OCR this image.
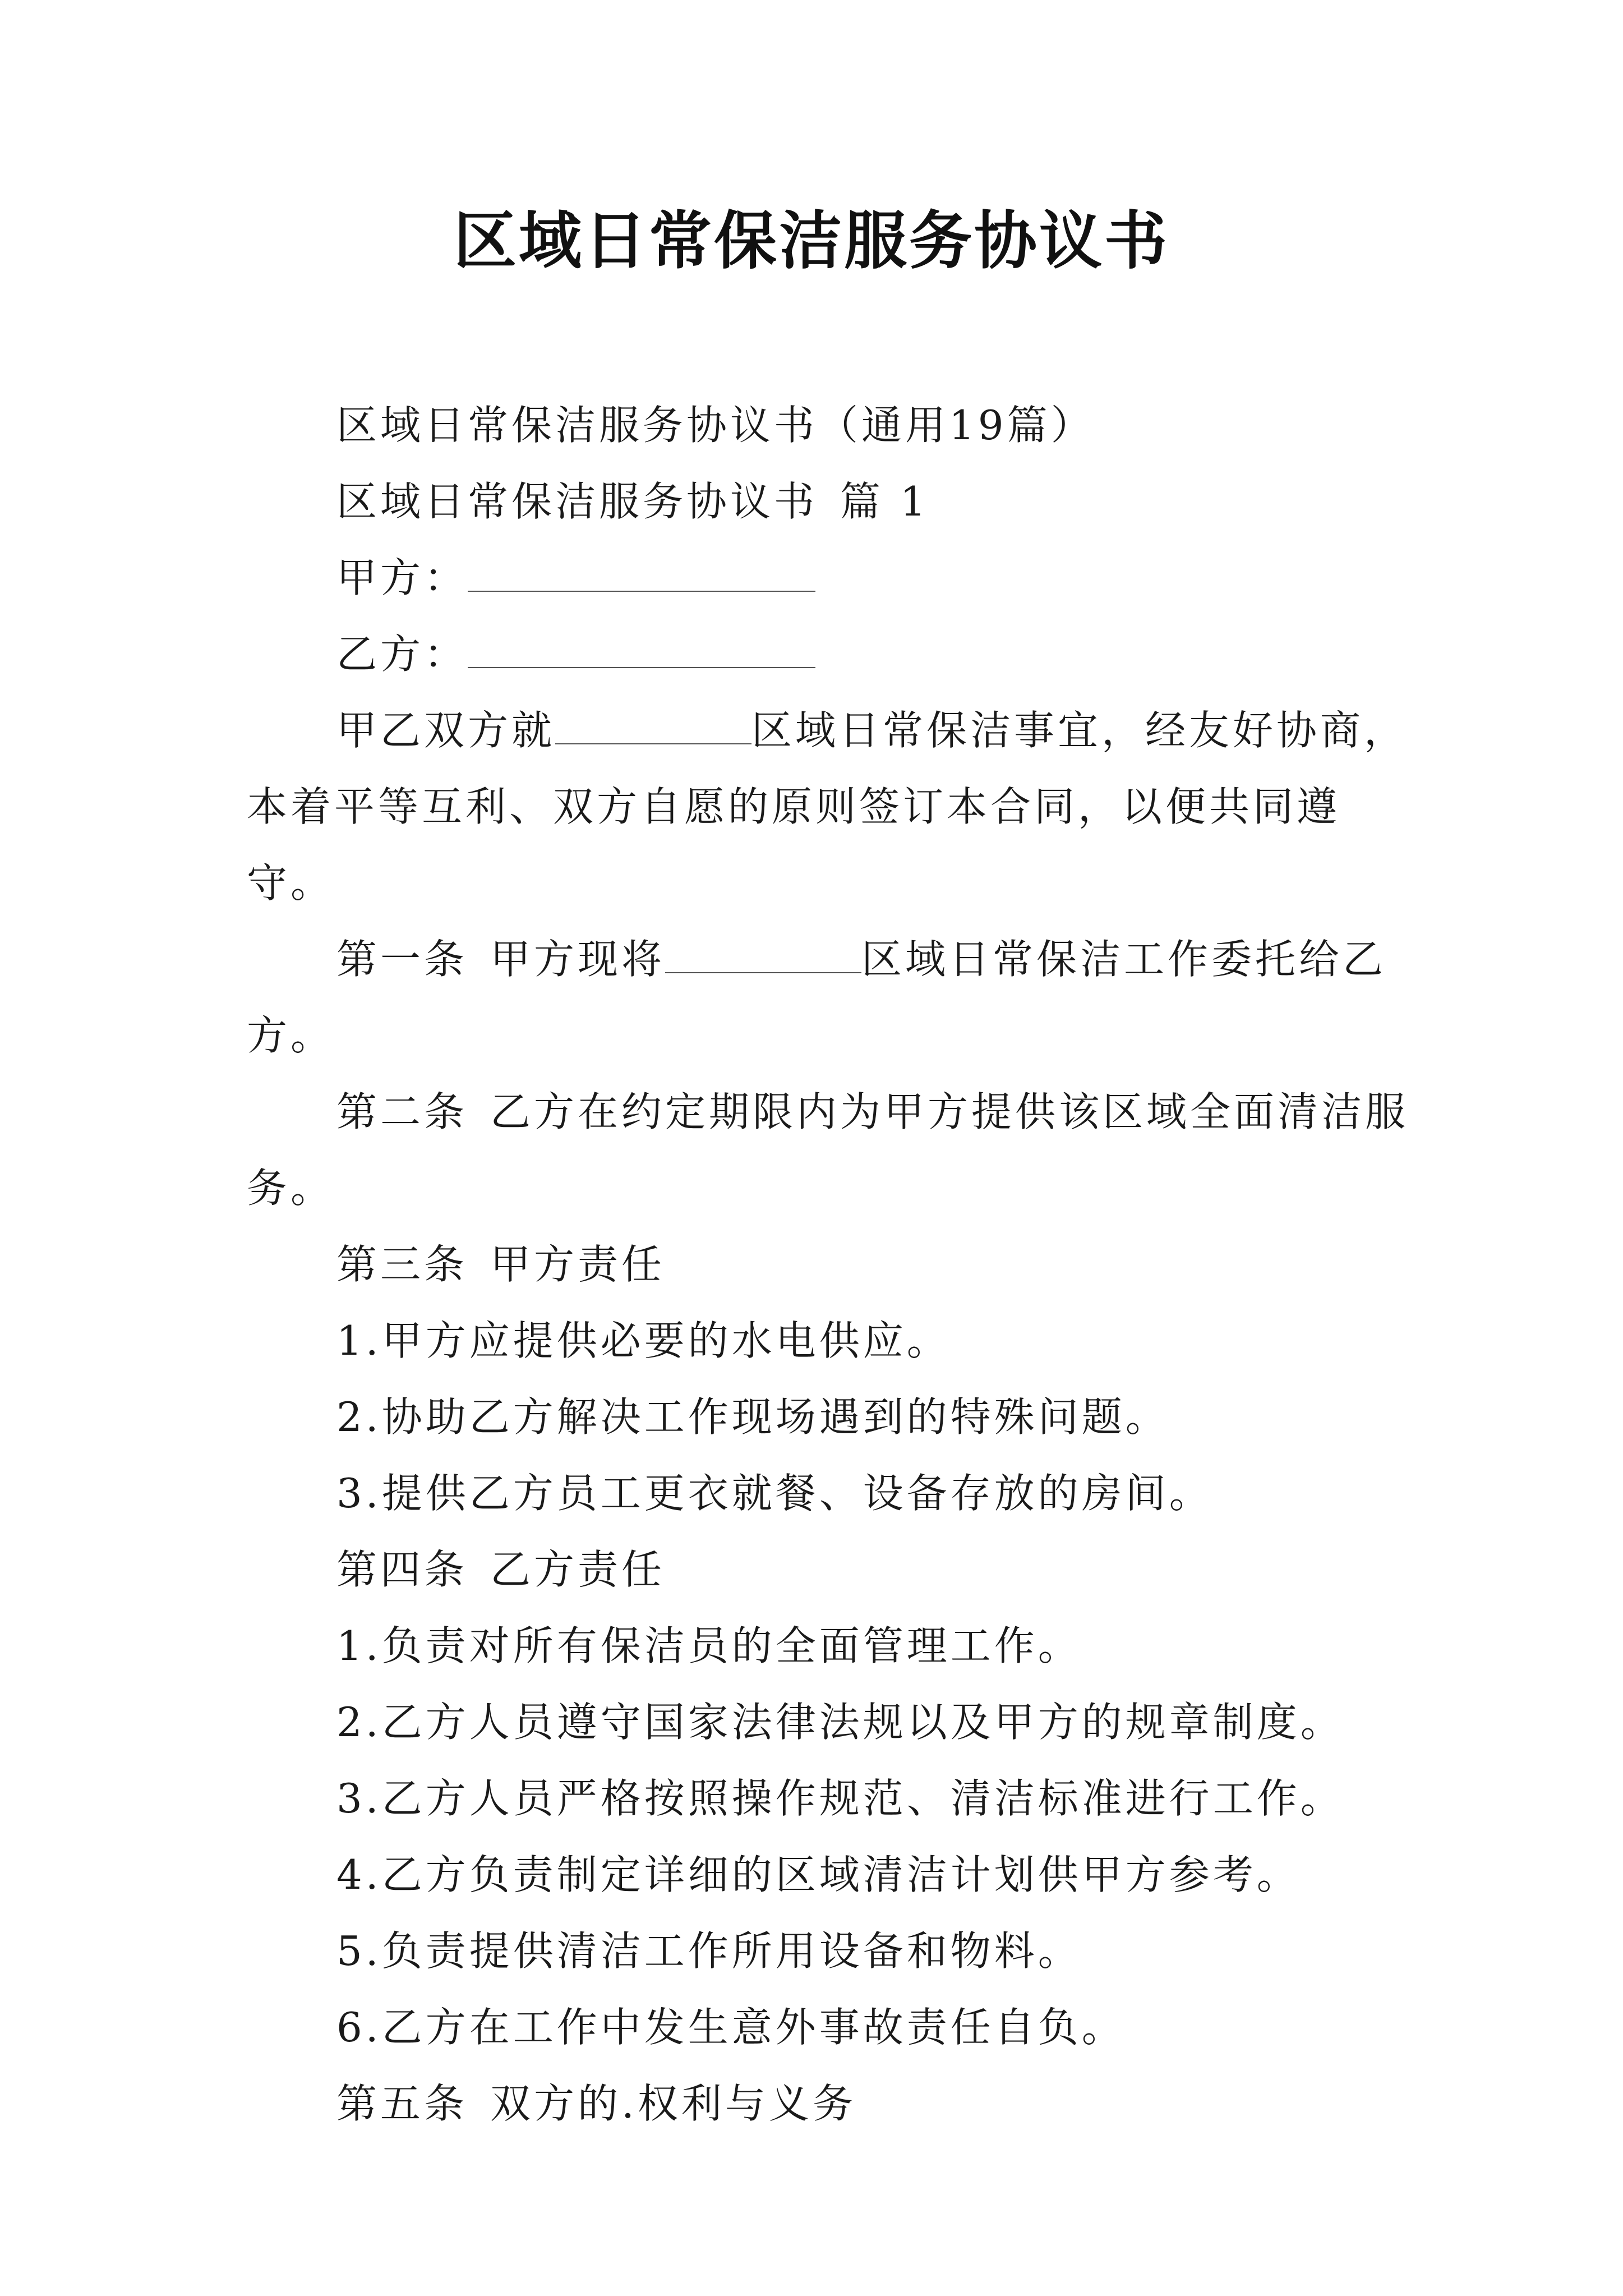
区域日常保洁服务协议书

区域日常保洁服务协议书（通用19篇）

区域日常保洁服务协议书 篇 1

甲方：

乙方：

甲乙双方就	区域日常保洁事宜，经友好协商，本着平等互利、双方自愿的原则签订本合同，以便共同遵守。

第一条 甲方现将	区域日常保洁工作委托给乙方。

第二条 乙方在约定期限内为甲方提供该区域全面清洁服务。

第三条 甲方责任

1.甲方应提供必要的水电供应。

2.协助乙方解决工作现场遇到的特殊问题。

3.提供乙方员工更衣就餐、设备存放的房间。

第四条 乙方责任

1.负责对所有保洁员的全面管理工作。

2.乙方人员遵守国家法律法规以及甲方的规章制度。

3.乙方人员严格按照操作规范、清洁标准进行工作。

4.乙方负责制定详细的区域清洁计划供甲方参考。

5.负责提供清洁工作所用设备和物料。

6.乙方在工作中发生意外事故责任自负。

第五条 双方的.权利与义务
